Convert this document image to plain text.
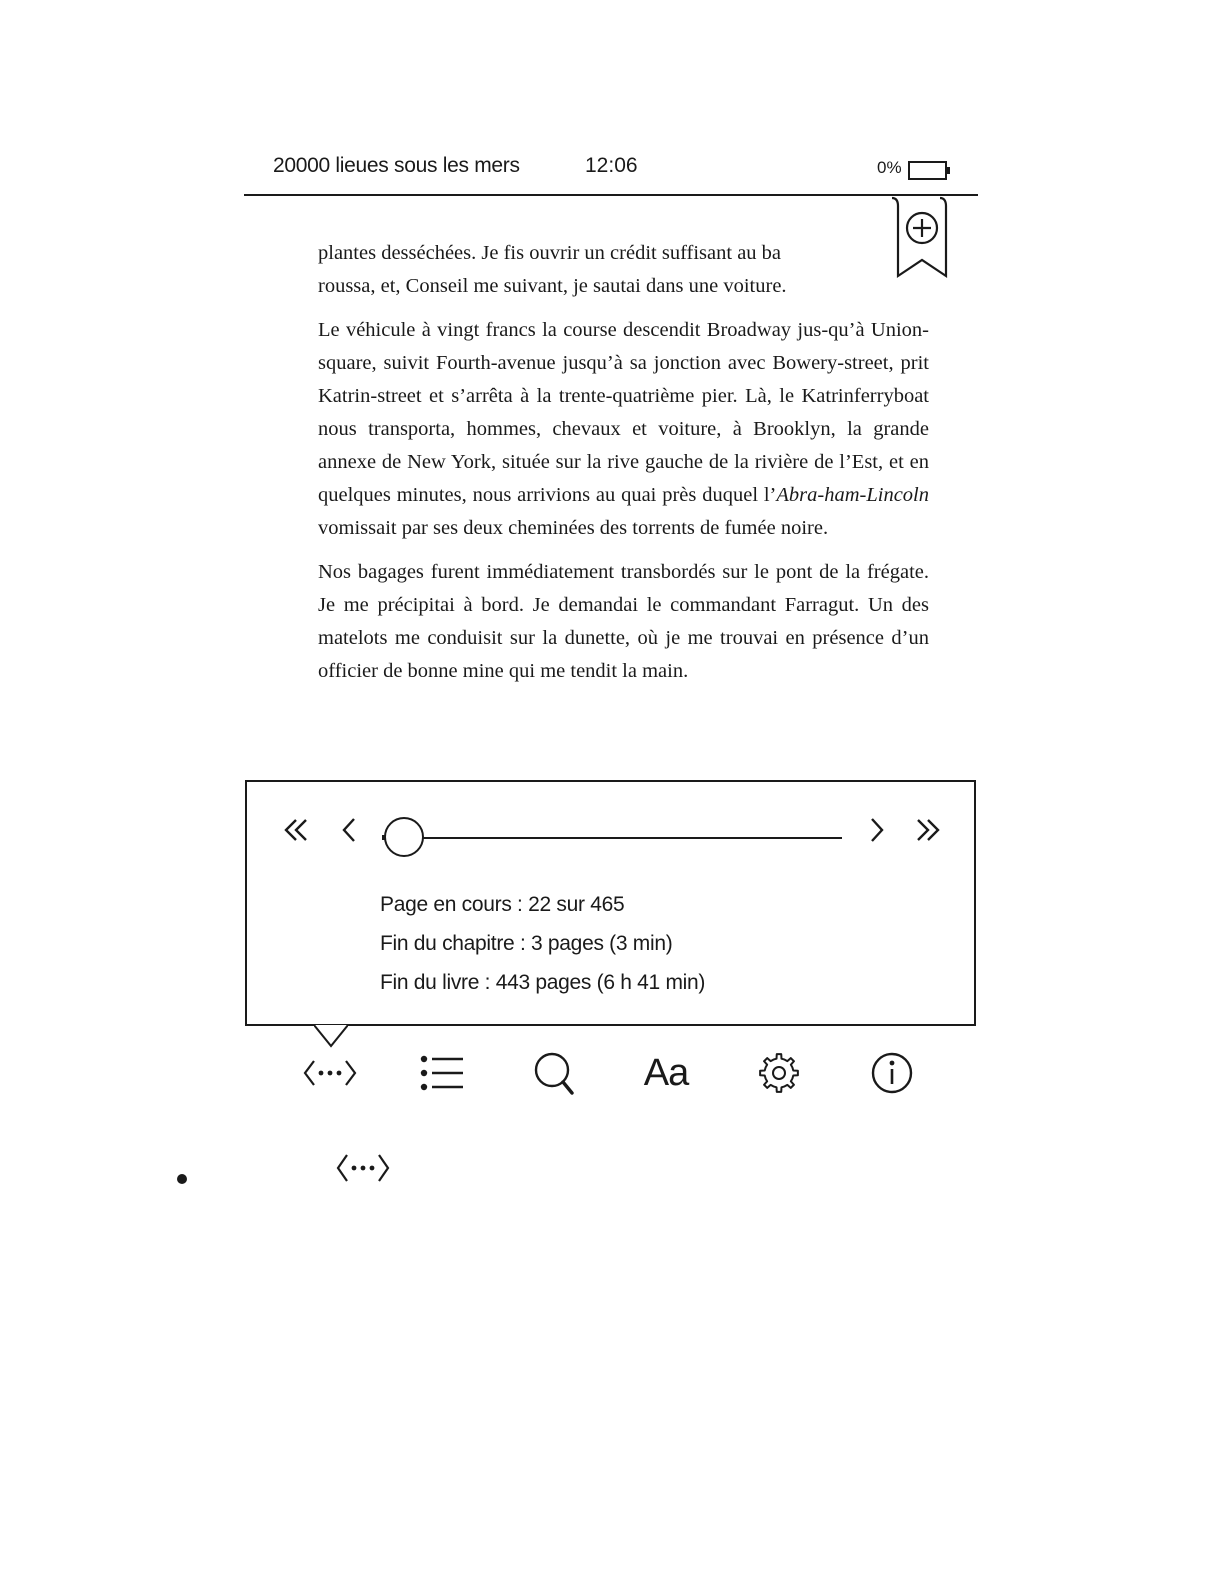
20000 lieues sous les mers	12:06	0%

plantes desséchées. Je fis ouvrir un crédit suffisant au ba
roussa, et, Conseil me suivant, je sautai dans une voiture.

Le véhicule à vingt francs la course descendit Broadway jus-qu’à Union-square, suivit Fourth-avenue jusqu’à sa jonction avec Bowery-street, prit Katrin-street et s’arrêta à la trente-quatrième pier. Là, le Katrinferryboat nous transporta, hommes, chevaux et voiture, à Brooklyn, la grande annexe de New York, située sur la rive gauche de la rivière de l’Est, et en quelques minutes, nous arrivions au quai près duquel l’Abra-ham-Lincoln vomissait par ses deux cheminées des torrents de fumée noire.

Nos bagages furent immédiatement transbordés sur le pont de la frégate. Je me précipitai à bord. Je demandai le commandant Farragut. Un des matelots me conduisit sur la dunette, où je me trouvai en présence d’un officier de bonne mine qui me tendit la main.

Page en cours : 22 sur 465
Fin du chapitre : 3 pages (3 min)
Fin du livre : 443 pages (6 h 41 min)
Aa
